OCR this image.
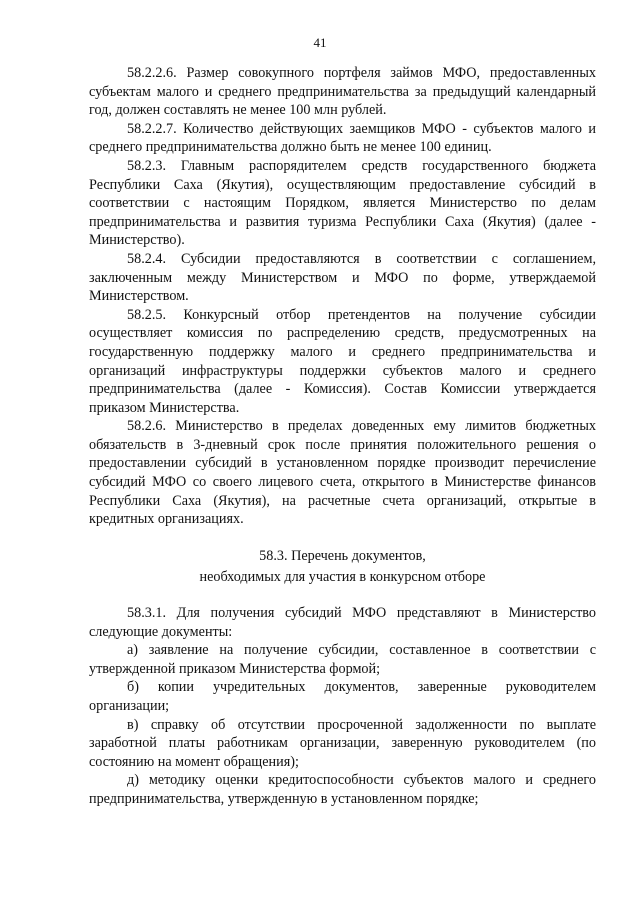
41

58.2.2.6. Размер совокупного портфеля займов МФО, предоставленных субъектам малого и среднего предпринимательства за предыдущий календарный год, должен составлять не менее 100 млн рублей.

58.2.2.7. Количество действующих заемщиков МФО - субъектов малого и среднего предпринимательства должно быть не менее 100 единиц.

58.2.3. Главным распорядителем средств государственного бюджета Республики Саха (Якутия), осуществляющим предоставление субсидий в соответствии с настоящим Порядком, является Министерство по делам предпринимательства и развития туризма Республики Саха (Якутия) (далее - Министерство).

58.2.4. Субсидии предоставляются в соответствии с соглашением, заключенным между Министерством и МФО по форме, утверждаемой Министерством.

58.2.5. Конкурсный отбор претендентов на получение субсидии осуществляет комиссия по распределению средств, предусмотренных на государственную поддержку малого и среднего предпринимательства и организаций инфраструктуры поддержки субъектов малого и среднего предпринимательства (далее - Комиссия). Состав Комиссии утверждается приказом Министерства.

58.2.6. Министерство в пределах доведенных ему лимитов бюджетных обязательств в 3-дневный срок после принятия положительного решения о предоставлении субсидий в установленном порядке производит перечисление субсидий МФО со своего лицевого счета, открытого в Министерстве финансов Республики Саха (Якутия), на расчетные счета организаций, открытые в кредитных организациях.

58.3. Перечень документов,

необходимых для участия в конкурсном отборе

58.3.1. Для получения субсидий МФО представляют в Министерство следующие документы:

а) заявление на получение субсидии, составленное в соответствии с утвержденной приказом Министерства формой;

б) копии учредительных документов, заверенные руководителем организации;

в) справку об отсутствии просроченной задолженности по выплате заработной платы работникам организации, заверенную руководителем (по состоянию на момент обращения);

д) методику оценки кредитоспособности субъектов малого и среднего предпринимательства, утвержденную в установленном порядке;
